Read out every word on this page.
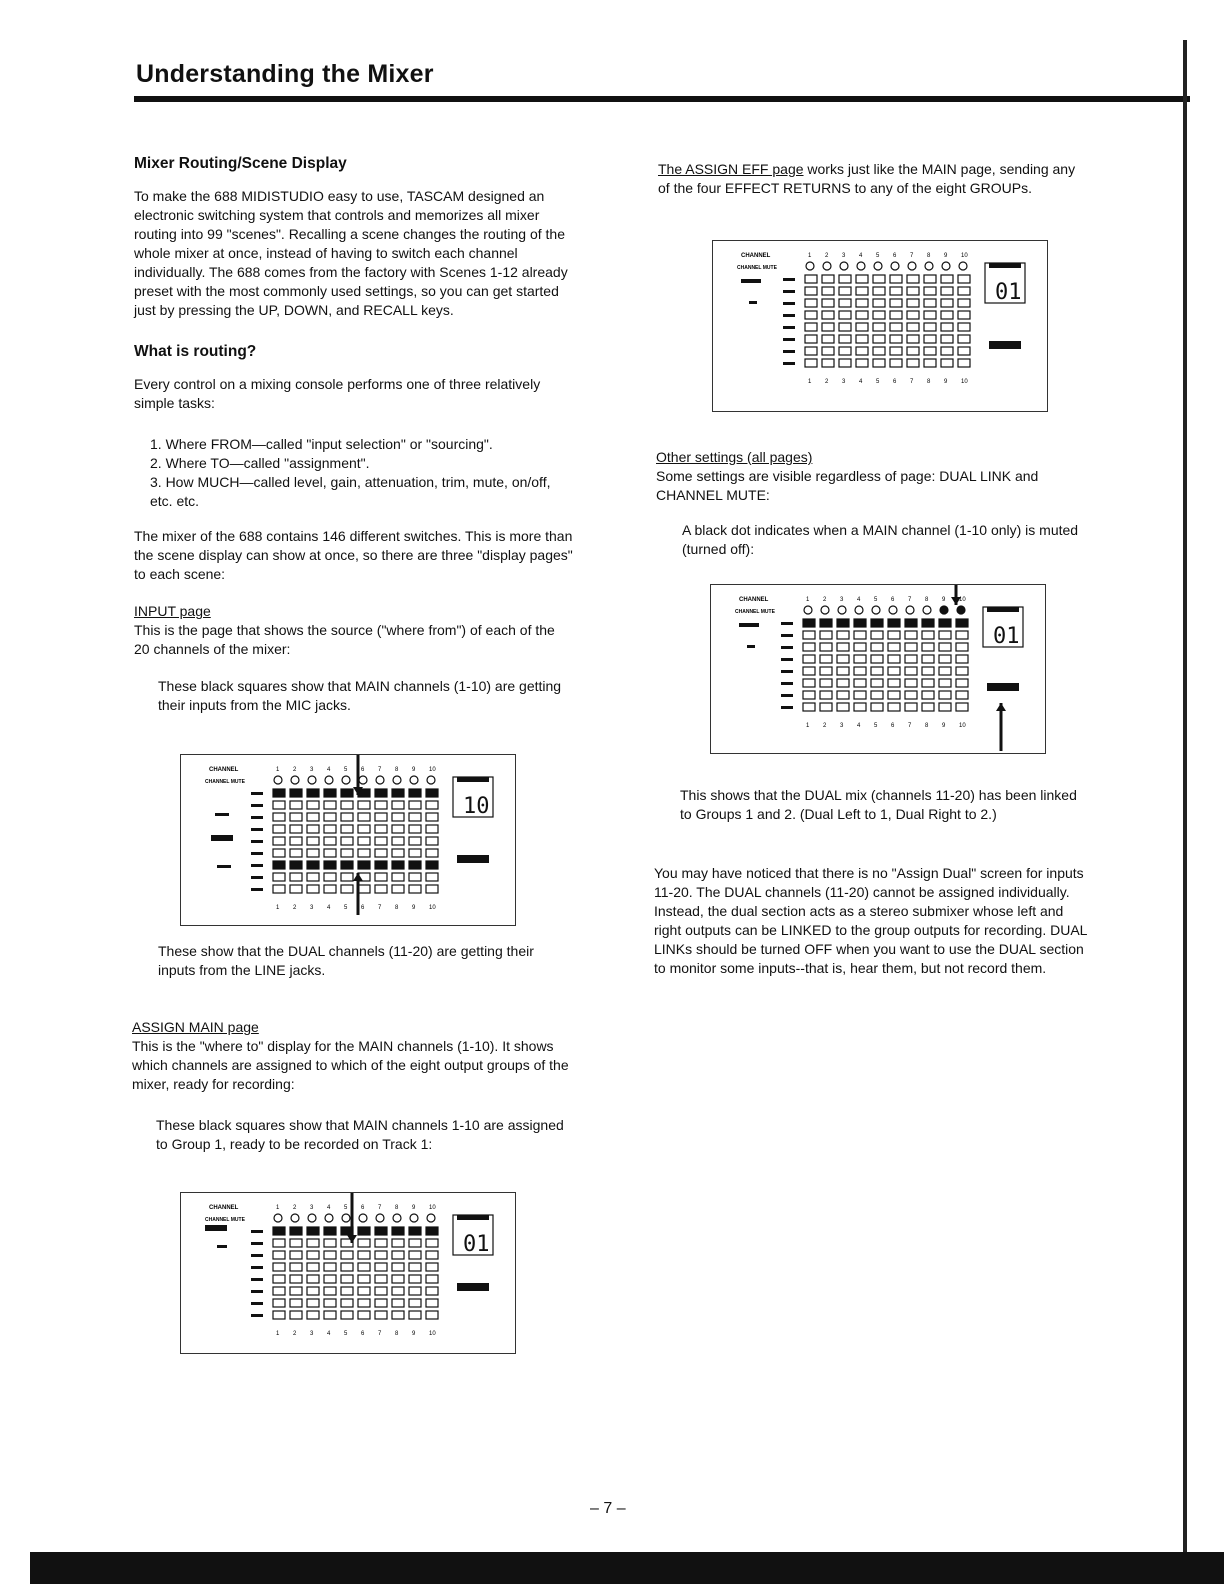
Understanding the Mixer

Mixer Routing/Scene Display

To make the 688 MIDISTUDIO easy to use, TASCAM designed an electronic switching system that controls and memorizes all mixer routing into 99 "scenes". Recalling a scene changes the routing of the whole mixer at once, instead of having to switch each channel individually. The 688 comes from the factory with Scenes 1-12 already preset with the most commonly used settings, so you can get started just by pressing the UP, DOWN, and RECALL keys.

What is routing?

Every control on a mixing console performs one of three relatively simple tasks:

1. Where FROM—called "input selection" or "sourcing".
2. Where TO—called "assignment".
3. How MUCH—called level, gain, attenuation, trim, mute, on/off, etc. etc.

The mixer of the 688 contains 146 different switches. This is more than the scene display can show at once, so there are three "display pages" to each scene:

INPUT page

This is the page that shows the source ("where from") of each of the 20 channels of the mixer:

These black squares show that MAIN channels (1-10) are getting their inputs from the MIC jacks.

These show that the DUAL channels (11-20) are getting their inputs from the LINE jacks.

ASSIGN MAIN page

This is the "where to" display for the MAIN channels (1-10). It shows which channels are assigned to which of the eight output groups of the mixer, ready for recording:

These black squares show that MAIN channels 1-10 are assigned to Group 1, ready to be recorded on Track 1:

The ASSIGN EFF page works just like the MAIN page, sending any of the four EFFECT RETURNS to any of the eight GROUPs.

Other settings (all pages)

Some settings are visible regardless of page: DUAL LINK and CHANNEL MUTE:

A black dot indicates when a MAIN channel (1-10 only) is muted (turned off):

This shows that the DUAL mix (channels 11-20) has been linked to Groups 1 and 2. (Dual Left to 1, Dual Right to 2.)
You may have noticed that there is no "Assign Dual" screen for inputs 11-20. The DUAL channels (11-20) cannot be assigned individually. Instead, the dual section acts as a stereo submixer whose left and right outputs can be LINKED to the group outputs for recording. DUAL LINKs should be turned OFF when you want to use the DUAL section to monitor some inputs--that is, hear them, but not record them.
CHANNEL	1 2 3 4 5 6 7 8 9 10
CHANNEL MUTE
1 2 3 4 5 6 7 8 9 10
10
CHANNEL	1 2 3 4 5 6 7 8 9 10
CHANNEL MUTE
1 2 3 4 5 6 7 8 9 10
01
CHANNEL	1 2 3 4 5 6 7 8 9 10
CHANNEL MUTE
1 2 3 4 5 6 7 8 9 10
01
CHANNEL	1 2 3 4 5 6 7 8 9 10
CHANNEL MUTE
1 2 3 4 5 6 7 8 9 10
01
– 7 –
